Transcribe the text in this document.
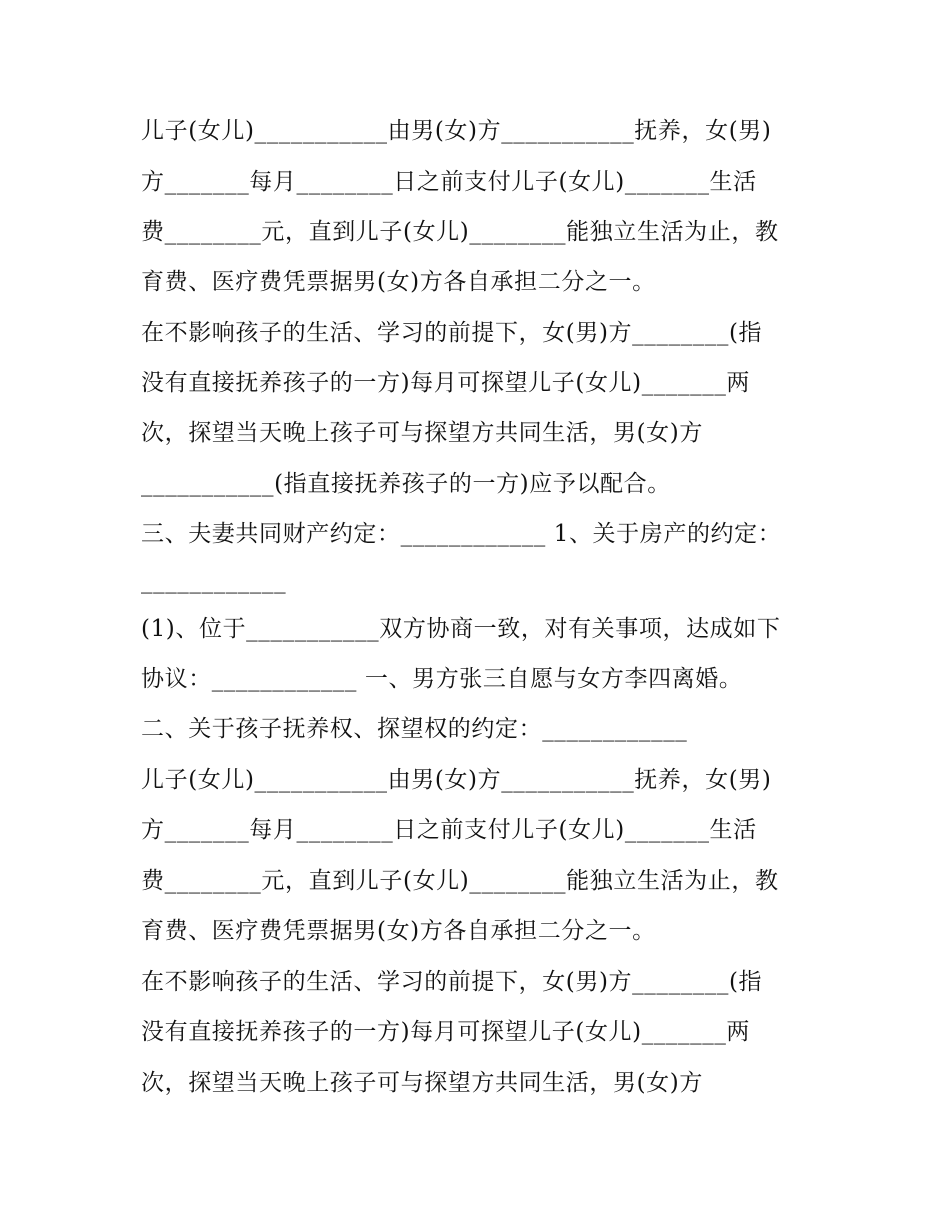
儿子(女儿)___________由男(女)方___________抚养，女(男)

方_______每月________日之前支付儿子(女儿)_______生活

费________元，直到儿子(女儿)________能独立生活为止，教

育费、医疗费凭票据男(女)方各自承担二分之一。

在不影响孩子的生活、学习的前提下，女(男)方________(指

没有直接抚养孩子的一方)每月可探望儿子(女儿)_______两

次，探望当天晚上孩子可与探望方共同生活，男(女)方

___________(指直接抚养孩子的一方)应予以配合。

三、夫妻共同财产约定：____________ 1、关于房产的约定：

____________

(1)、位于___________双方协商一致，对有关事项，达成如下

协议：____________ 一、男方张三自愿与女方李四离婚。

二、关于孩子抚养权、探望权的约定：____________

儿子(女儿)___________由男(女)方___________抚养，女(男)

方_______每月________日之前支付儿子(女儿)_______生活

费________元，直到儿子(女儿)________能独立生活为止，教

育费、医疗费凭票据男(女)方各自承担二分之一。

在不影响孩子的生活、学习的前提下，女(男)方________(指

没有直接抚养孩子的一方)每月可探望儿子(女儿)_______两

次，探望当天晚上孩子可与探望方共同生活，男(女)方
